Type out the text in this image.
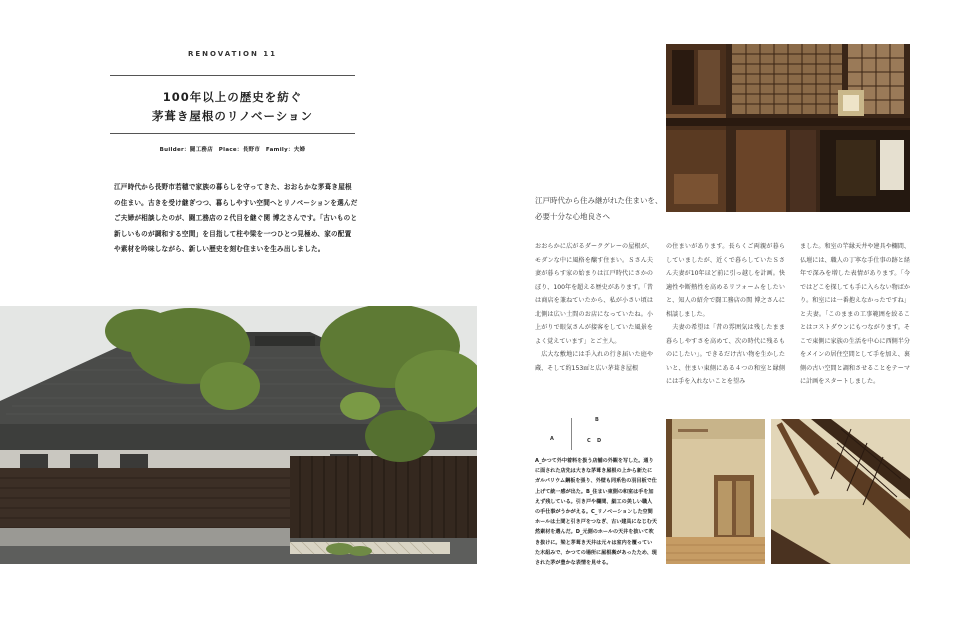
RENOVATION 11
100年以上の歴史を紡ぐ
茅葺き屋根のリノベーション
Builder：闘工務店　Place：長野市　Family：夫婦
江戸時代から長野市若穂で家族の暮らしを守ってきた、おおらかな茅葺き屋根の住まい。古きを受け継ぎつつ、暮らしやすい空間へとリノベーションを選んだご夫婦が相談したのが、闘工務店の２代目を継ぐ関 博之さんです。「古いものと新しいものが調和する空間」を目指して柱や梁を一つひとつ見極め、家の配置や素材を吟味しながら、新しい歴史を刻む住まいを生み出しました。
江戸時代から住み継がれた住まいを、
必要十分な心地良さへ
おおらかに広がるダークグレーの屋根が、モダンな中に風格を醸す住まい。Ｓさん夫妻が暮らす家の始まりは江戸時代にさかのぼり、100年を超える歴史があります。「昔は商店を兼ねていたから、私が小さい頃は北側は広い土間のお店になっていたね。小上がりで眼気さんが接客をしていた風景をよく覚えています」とご主人。
　広大な敷地には手入れの行き届いた庭や蔵、そして約153㎡と広い茅葺き屋根
の住まいがあります。長らくご両親が暮らしていましたが、近くで暮らしていたＳさん夫妻が10年ほど前に引っ越しを計画。快適性や断熱性を高めるリフォームをしたいと、知人の紹介で闘工務店の関 博之さんに相談しました。
　夫妻の希望は「昔の雰囲気は残したまま暮らしやすさを高めて、次の時代に残るものにしたい」。できるだけ古い物を生かしたいと、住まい東側にある４つの和室と縁側には手を入れないことを望み
ました。和室の竿縁天井や建具や欄間、仏壇には、職人の丁寧な手仕事の跡と経年で深みを増した表情があります。「今ではどこを探しても手に入らない物ばかり。和室には一番抱えなかったですね」と夫妻。「このままの工事範囲を絞ることはコストダウンにもつながります。そこで東側に家族の生活を中心に西側半分をメインの居住空間として手を加え、裏側の古い空間と調和させることをテーマに計画をスタートしました。
A
B
C D
A_かつて外中着料を扱う店舗の外観を写した。通りに面された店先は大きな茅葺き屋根の上から新たにガルバリウム鋼板を張り、外壁も同系色の羽目板で仕上げて統一感が出た。B_住まい東側の和室は手を加えず残している。引き戸や欄間、細工の美しい職人の手仕事がうかがえる。C_リノベーションした空間ホールは土間と引き戸をつなぎ、古い建具になじむ天然素材を選んだ。D_元側のホールの天井を抜いて吹き抜けに。梁と茅葺き天井は元々は室内を覆っていた木組みで、かつての場所に屋根裏があったため、現された茅が豊かな表情を見せる。
